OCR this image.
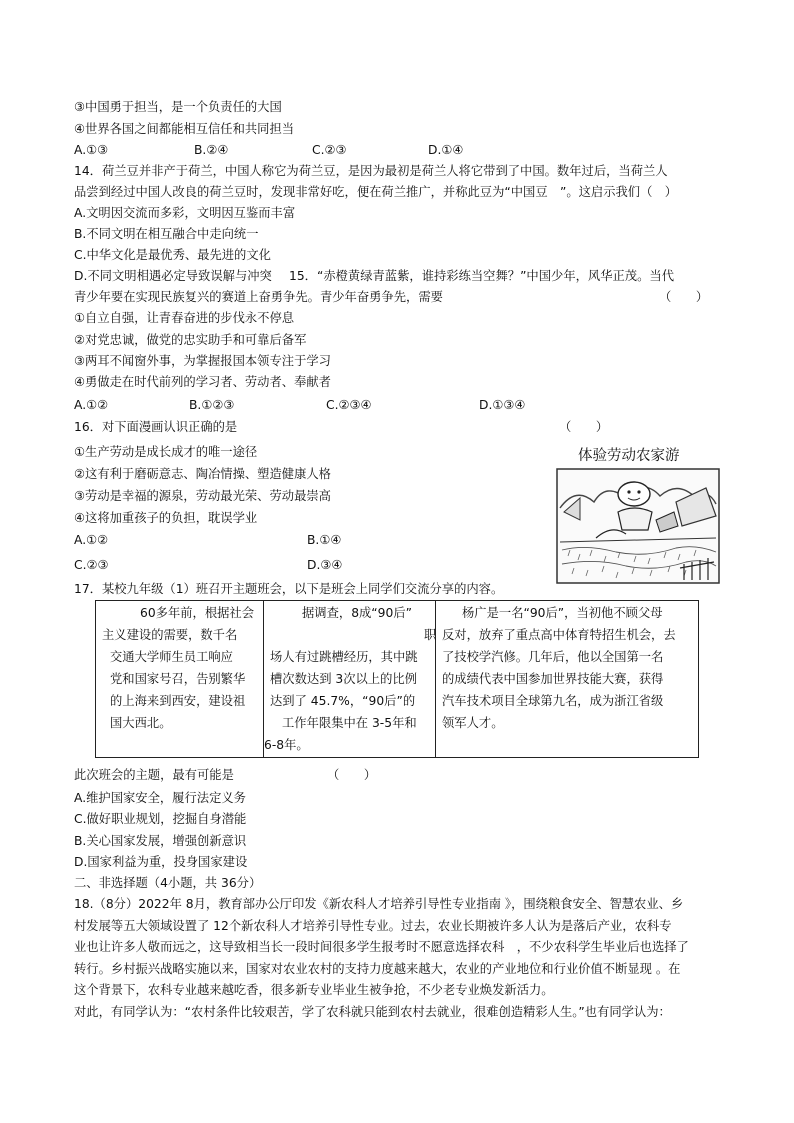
③中国勇于担当，是一个负责任的大国
④世界各国之间都能相互信任和共同担当
A.①③	B.②④	C.②③	D.①④
14．荷兰豆并非产于荷兰，中国人称它为荷兰豆，是因为最初是荷兰人将它带到了中国。数年过后，当荷兰人
品尝到经过中国人改良的荷兰豆时，发现非常好吃，便在荷兰推广，并称此豆为“中国豆　”。这启示我们（　）
A.文明因交流而多彩，文明因互鉴而丰富
B.不同文明在相互融合中走向统一
C.中华文化是最优秀、最先进的文化
D.不同文明相遇必定导致误解与冲突 15．“赤橙黄绿青蓝紫，谁持彩练当空舞？”中国少年，风华正茂。当代
青少年要在实现民族复兴的赛道上奋勇争先。青少年奋勇争先，需要	（　　）
①自立自强，让青春奋进的步伐永不停息
②对党忠诚，做党的忠实助手和可靠后备军
③两耳不闻窗外事，为掌握报国本领专注于学习
④勇做走在时代前列的学习者、劳动者、奉献者
A.①②	B.①②③	C.②③④	D.①③④
16．对下面漫画认识正确的是	（　　）
①生产劳动是成长成才的唯一途径
②这有利于磨砺意志、陶冶情操、塑造健康人格
③劳动是幸福的源泉，劳动最光荣、劳动最崇高
④这将加重孩子的负担，耽误学业
A.①②	B.①④
C.②③	D.③④
体验劳动农家游
17．某校九年级（1）班召开主题班会，以下是班会上同学们交流分享的内容。
60多年前，根据社会
主义建设的需要，数千名
交通大学师生员工响应
党和国家号召，告别繁华
的上海来到西安，建设祖
国大西北。
据调查，8成“90后”
职
场人有过跳槽经历，其中跳
槽次数达到 3次以上的比例
达到了 45.7%，“90后”的
工作年限集中在 3-5年和
6-8年。
杨广是一名“90后”，当初他不顾父母
反对，放弃了重点高中体育特招生机会，去
了技校学汽修。几年后，他以全国第一名
的成绩代表中国参加世界技能大赛，获得
汽车技术项目全球第九名，成为浙江省级
领军人才。
此次班会的主题，最有可能是	（　　）
A.维护国家安全，履行法定义务
C.做好职业规划，挖掘自身潜能
B.关心国家发展，增强创新意识
D.国家利益为重，投身国家建设
二、非选择题（4小题，共 36分）
18.（8分）2022年 8月，教育部办公厅印发《新农科人才培养引导性专业指南 》，围绕粮食安全、智慧农业、乡
村发展等五大领域设置了 12个新农科人才培养引导性专业。过去，农业长期被许多人认为是落后产业，农科专
业也让许多人敬而远之，这导致相当长一段时间很多学生报考时不愿意选择农科　，不少农科学生毕业后也选择了
转行。乡村振兴战略实施以来，国家对农业农村的支持力度越来越大，农业的产业地位和行业价值不断显现 。在
这个背景下，农科专业越来越吃香，很多新专业毕业生被争抢，不少老专业焕发新活力。
对此，有同学认为：“农村条件比较艰苦，学了农科就只能到农村去就业，很难创造精彩人生。”也有同学认为：
